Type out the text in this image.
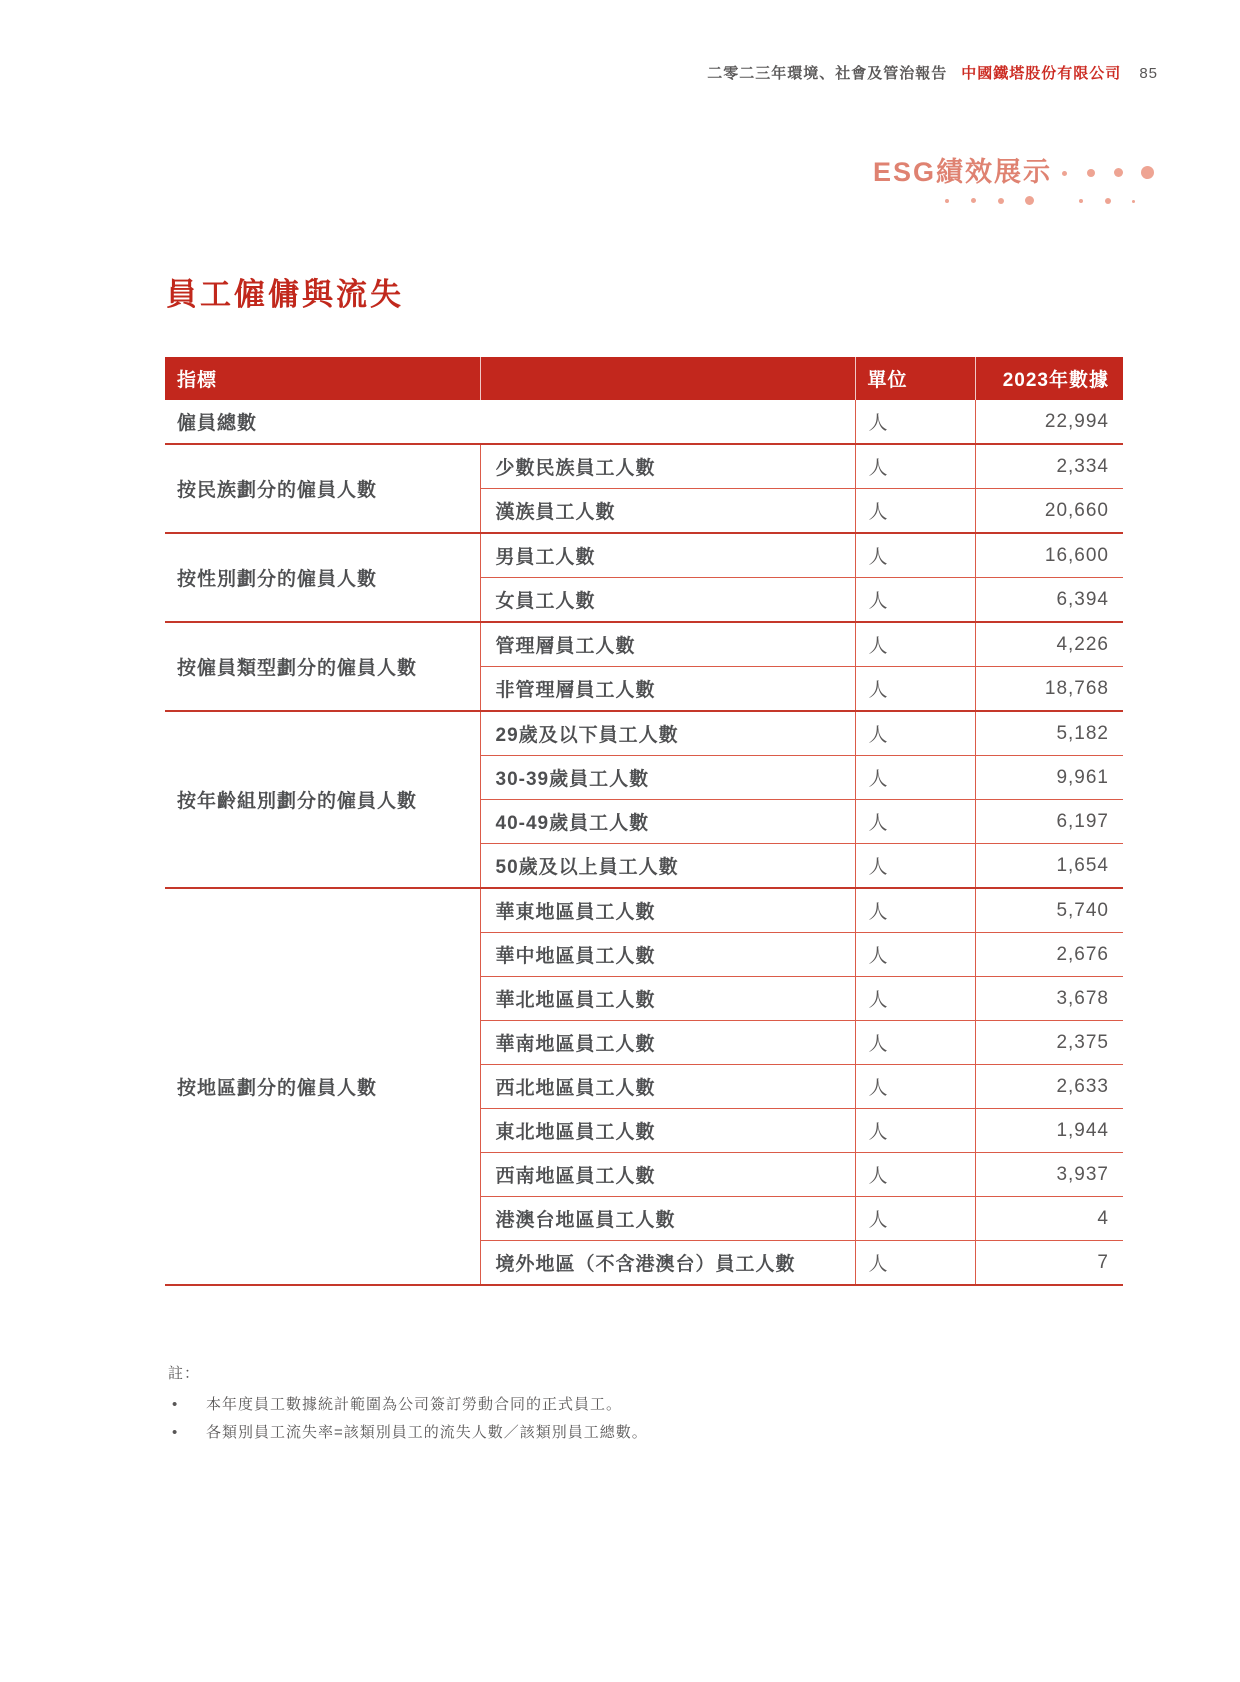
二零二三年環境、社會及管治報告 中國鐵塔股份有限公司 85
ESG績效展示
員工僱傭與流失
指標		單位	2023年數據
僱員總數		人	22,994
按民族劃分的僱員人數	少數民族員工人數	人	2,334
	漢族員工人數	人	20,660
按性別劃分的僱員人數	男員工人數	人	16,600
	女員工人數	人	6,394
按僱員類型劃分的僱員人數	管理層員工人數	人	4,226
	非管理層員工人數	人	18,768
按年齡組別劃分的僱員人數	29歲及以下員工人數	人	5,182
	30-39歲員工人數	人	9,961
	40-49歲員工人數	人	6,197
	50歲及以上員工人數	人	1,654
按地區劃分的僱員人數	華東地區員工人數	人	5,740
	華中地區員工人數	人	2,676
	華北地區員工人數	人	3,678
	華南地區員工人數	人	2,375
	西北地區員工人數	人	2,633
	東北地區員工人數	人	1,944
	西南地區員工人數	人	3,937
	港澳台地區員工人數	人	4
	境外地區（不含港澳台）員工人數	人	7
註：
• 本年度員工數據統計範圍為公司簽訂勞動合同的正式員工。
• 各類別員工流失率=該類別員工的流失人數／該類別員工總數。
